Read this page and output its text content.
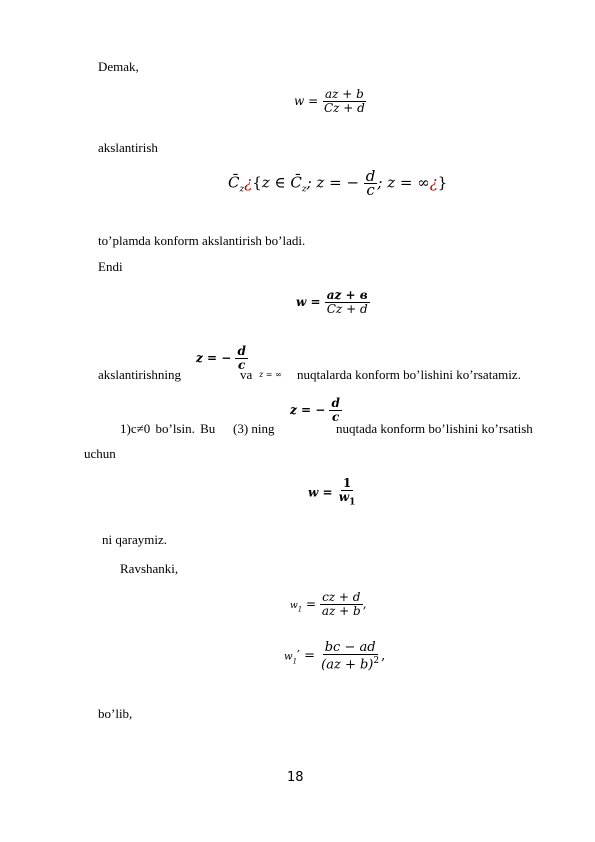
Demak,
$w = \frac{az + b}{Cz + d}$
akslantirish
$C̄_z¿\{z$ ∈ $C̄_z$; z = − $\frac{d}{c}$ ; z = ∞¿}
to’plamda konform akslantirish bo’ladi.
Endi
$w = \frac{az + в}{Cz + d}$
akslantirishning
z = − $\frac{d}{c}$
va z = ∞ nuqtalarda konform bo’lishini ko’rsatamiz.
1)c≠0 bo’lsin. Bu (3) ning
z = − $\frac{d}{c}$
nuqtada konform bo’lishini ko’rsatish
uchun
$w = \frac{1}{w_1}$
ni qaraymiz.
Ravshanki,
$w_1 = \frac{cz + d}{az + b}$ ,
$w_1' = \frac{bc - ad}{(az + b)^2}$ ,
bo’lib,
18
